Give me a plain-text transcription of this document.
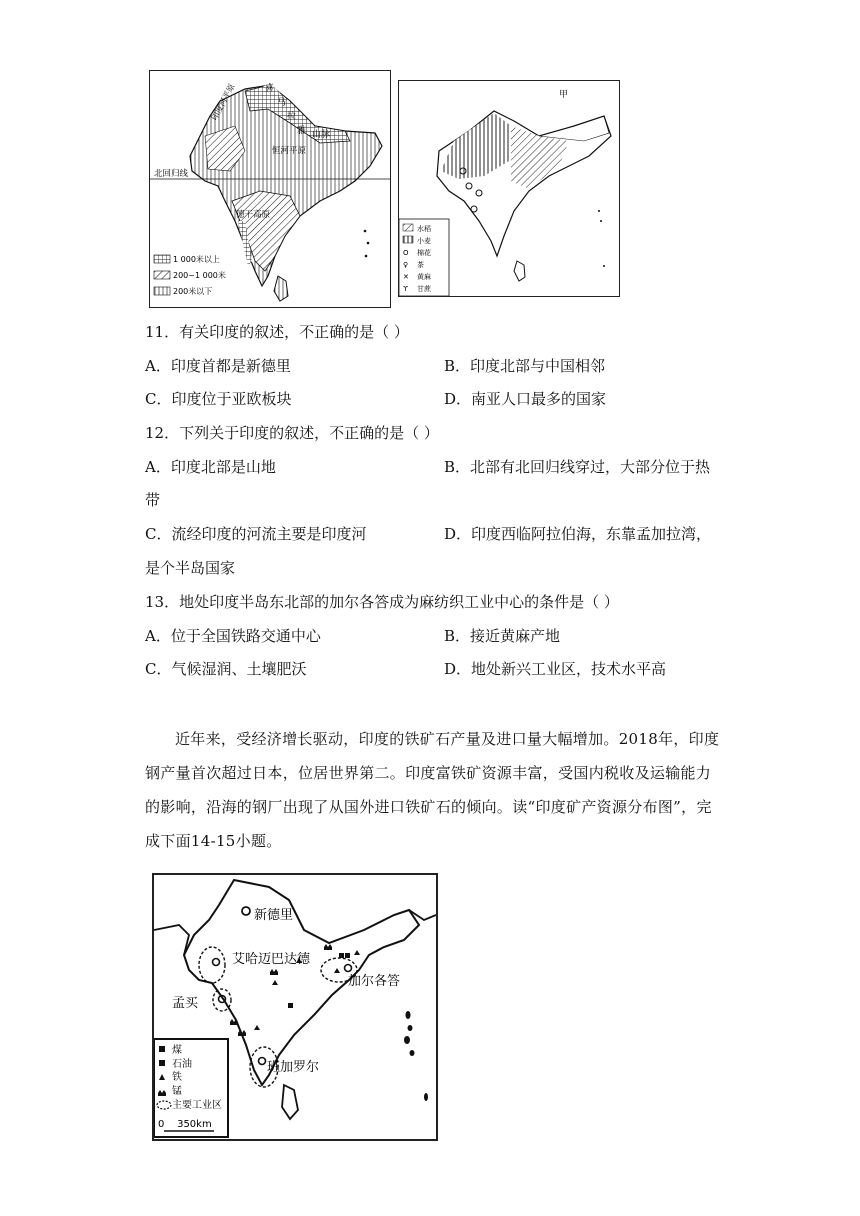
喜
马
拉
雅 山脉
印度河平原
恒河平原
北回归线
德干高原
1 000米以上
200~1 000米
200米以下
甲
水稻
小麦
O 棉花
♀ 茶
✕ 黄麻
ϒ 甘蔗
11．有关印度的叙述，不正确的是（ ）
A．印度首都是新德里	B．印度北部与中国相邻
C．印度位于亚欧板块	D．南亚人口最多的国家
12．下列关于印度的叙述，不正确的是（ ）
A．印度北部是山地	B．北部有北回归线穿过，大部分位于热
带
C．流经印度的河流主要是印度河	D．印度西临阿拉伯海，东靠孟加拉湾，
是个半岛国家
13．地处印度半岛东北部的加尔各答成为麻纺织工业中心的条件是（ ）
A．位于全国铁路交通中心	B．接近黄麻产地
C．气候湿润、土壤肥沃	D．地处新兴工业区，技术水平高
近年来，受经济增长驱动，印度的铁矿石产量及进口量大幅增加。2018年，印度钢产量首次超过日本，位居世界第二。印度富铁矿资源丰富，受国内税收及运输能力的影响，沿海的钢厂出现了从国外进口铁矿石的倾向。读“印度矿产资源分布图”，完成下面14-15小题。
新德里
艾哈迈巴达德
孟买
加尔各答
班加罗尔
煤
石油
铁
锰
主要工业区
0    350km
